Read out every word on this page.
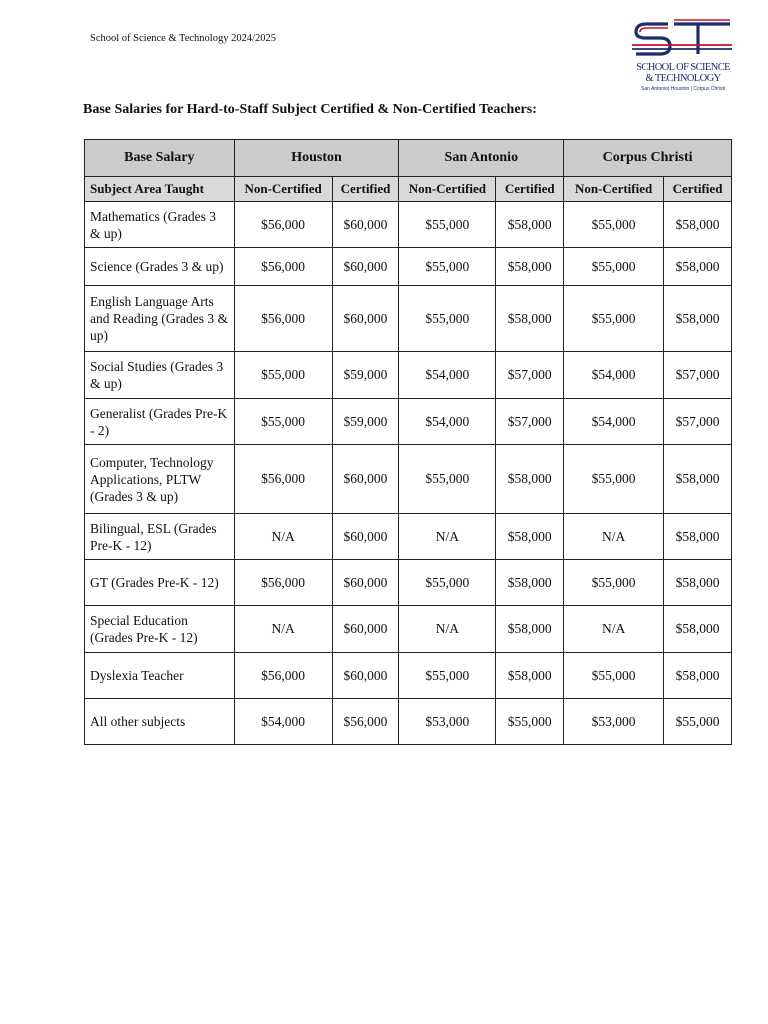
School of Science & Technology 2024/2025
SCHOOL OF SCIENCE
& TECHNOLOGY
San Antonio| Houston | Corpus Christi
Base Salaries for Hard-to-Staff Subject Certified & Non-Certified Teachers:
Base Salary	Houston		San Antonio		Corpus Christi	
Subject Area Taught	Non-Certified	Certified	Non-Certified	Certified	Non-Certified	Certified
Mathematics (Grades 3 & up)	$56,000	$60,000	$55,000	$58,000	$55,000	$58,000
Science (Grades 3 & up)	$56,000	$60,000	$55,000	$58,000	$55,000	$58,000
English Language Arts and Reading (Grades 3 & up)	$56,000	$60,000	$55,000	$58,000	$55,000	$58,000
Social Studies (Grades 3 & up)	$55,000	$59,000	$54,000	$57,000	$54,000	$57,000
Generalist (Grades Pre-K - 2)	$55,000	$59,000	$54,000	$57,000	$54,000	$57,000
Computer, Technology Applications, PLTW (Grades 3 & up)	$56,000	$60,000	$55,000	$58,000	$55,000	$58,000
Bilingual, ESL (Grades Pre-K - 12)	N/A	$60,000	N/A	$58,000	N/A	$58,000
GT (Grades Pre-K - 12)	$56,000	$60,000	$55,000	$58,000	$55,000	$58,000
Special Education (Grades Pre-K - 12)	N/A	$60,000	N/A	$58,000	N/A	$58,000
Dyslexia Teacher	$56,000	$60,000	$55,000	$58,000	$55,000	$58,000
All other subjects	$54,000	$56,000	$53,000	$55,000	$53,000	$55,000
